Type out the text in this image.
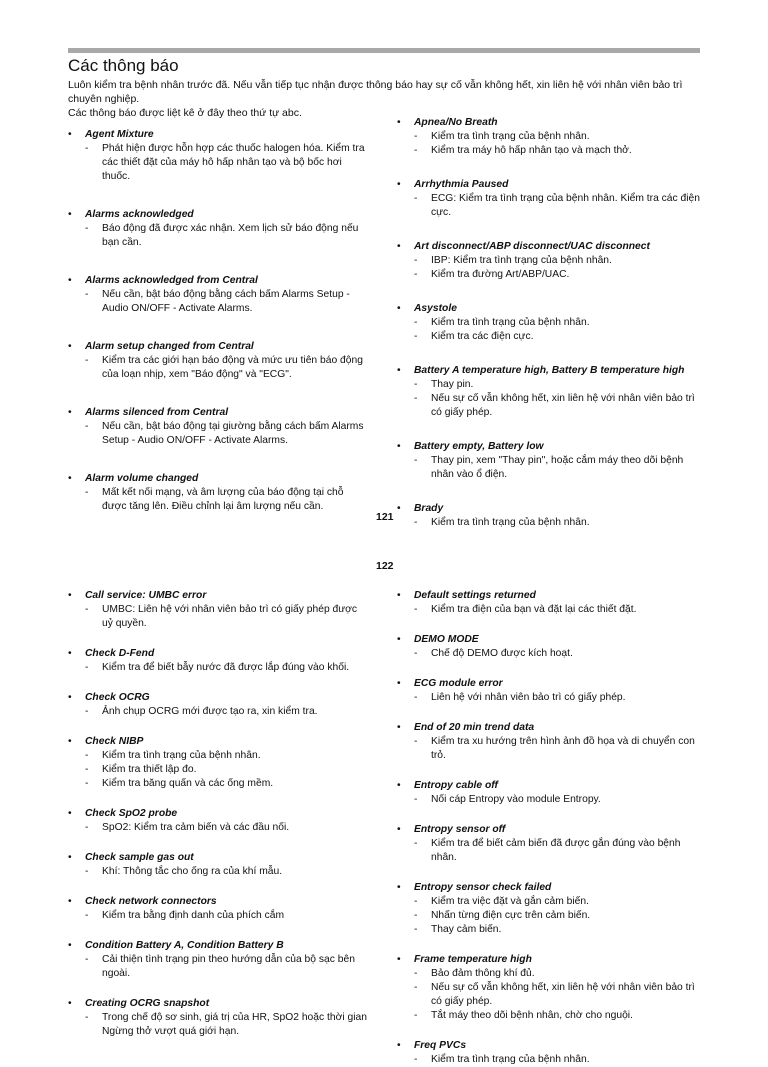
Các thông báo

Luôn kiểm tra bệnh nhân trước đã. Nếu vẫn tiếp tục nhận được thông báo hay sự cố vẫn không hết, xin liên hệ với nhân viên bảo trì chuyên nghiệp.

Các thông báo được liệt kê ở đây theo thứ tự abc.

• Agent Mixture
- Phát hiện được hỗn hợp các thuốc halogen hóa. Kiểm tra các thiết đặt của máy hô hấp nhân tạo và bộ bốc hơi thuốc.
• Alarms acknowledged
- Báo động đã được xác nhận. Xem lịch sử báo động nếu bạn cần.
• Alarms acknowledged from Central
- Nếu cần, bật báo động bằng cách bấm Alarms Setup - Audio ON/OFF - Activate Alarms.
• Alarm setup changed from Central
- Kiểm tra các giới hạn báo động và mức ưu tiên báo động của loạn nhịp, xem "Báo động" và "ECG".
• Alarms silenced from Central
- Nếu cần, bật báo động tại giường bằng cách bấm Alarms Setup - Audio ON/OFF - Activate Alarms.
• Alarm volume changed
- Mất kết nối mạng, và âm lượng của báo động tại chỗ được tăng lên. Điều chỉnh lại âm lượng nếu cần.
• Apnea/No Breath
- Kiểm tra tình trạng của bệnh nhân.
- Kiểm tra máy hô hấp nhân tạo và mạch thở.
• Arrhythmia Paused
- ECG: Kiểm tra tình trạng của bệnh nhân. Kiểm tra các điện cực.
• Art disconnect/ABP disconnect/UAC disconnect
- IBP: Kiểm tra tình trạng của bệnh nhân.
- Kiểm tra đường Art/ABP/UAC.
• Asystole
- Kiểm tra tình trạng của bệnh nhân.
- Kiểm tra các điện cực.
• Battery A temperature high, Battery B temperature high
- Thay pin.
- Nếu sự cố vẫn không hết, xin liên hệ với nhân viên bảo trì có giấy phép.
• Battery empty, Battery low
- Thay pin, xem "Thay pin", hoặc cắm máy theo dõi bệnh nhân vào ổ điện.
• Brady
- Kiểm tra tình trạng của bệnh nhân.
121
122
• Call service: UMBC error
- UMBC: Liên hệ với nhân viên bảo trì có giấy phép được uỷ quyền.
• Check D-Fend
- Kiểm tra để biết bẫy nước đã được lắp đúng vào khối.
• Check OCRG
- Ảnh chụp OCRG mới được tạo ra, xin kiểm tra.
• Check NIBP
- Kiểm tra tình trạng của bệnh nhân.
- Kiểm tra thiết lập đo.
- Kiểm tra băng quấn và các ống mềm.
• Check SpO2 probe
- SpO2: Kiểm tra cảm biến và các đầu nối.
• Check sample gas out
- Khí: Thông tắc cho ống ra của khí mẫu.
• Check network connectors
- Kiểm tra bằng định danh của phích cắm
• Condition Battery A, Condition Battery B
- Cải thiện tình trạng pin theo hướng dẫn của bộ sạc bên ngoài.
• Creating OCRG snapshot
- Trong chế độ sơ sinh, giá trị của HR, SpO2 hoặc thời gian Ngừng thở vượt quá giới hạn.
• Default settings returned
- Kiểm tra điện của bạn và đặt lại các thiết đặt.
• DEMO MODE
- Chế độ DEMO được kích hoạt.
• ECG module error
- Liên hệ với nhân viên bảo trì có giấy phép.
• End of 20 min trend data
- Kiểm tra xu hướng trên hình ảnh đồ họa và di chuyển con trỏ.
• Entropy cable off
- Nối cáp Entropy vào module Entropy.
• Entropy sensor off
- Kiểm tra để biết cảm biến đã được gắn đúng vào bệnh nhân.
• Entropy sensor check failed
- Kiểm tra việc đặt và gắn cảm biến.
- Nhấn từng điện cực trên cảm biến.
- Thay cảm biến.
• Frame temperature high
- Bảo đảm thông khí đủ.
- Nếu sự cố vẫn không hết, xin liên hệ với nhân viên bảo trì có giấy phép.
- Tắt máy theo dõi bệnh nhân, chờ cho nguội.
• Freq PVCs
- Kiểm tra tình trạng của bệnh nhân.
